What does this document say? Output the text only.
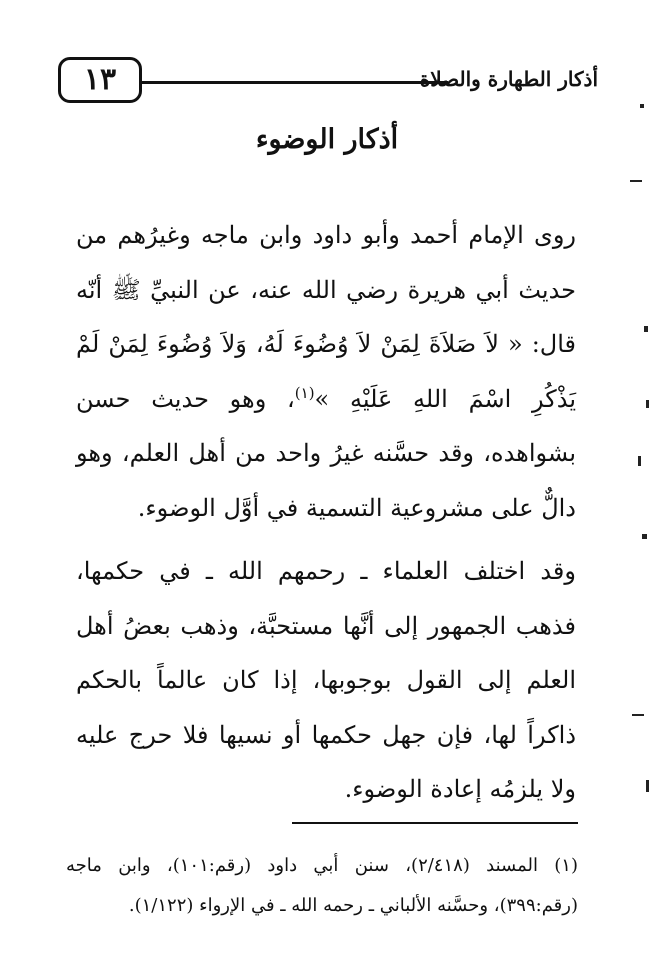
١٣	أذكار الطهارة والصلاة
أذكار الوضوء

روى الإمام أحمد وأبو داود وابن ماجه وغيرُهم من حديث أبي هريرة رضي الله عنه، عن النبيِّ ﷺ أنّه قال: « لاَ صَلاَةَ لِمَنْ لاَ وُضُوءَ لَهُ، وَلاَ وُضُوءَ لِمَنْ لَمْ يَذْكُرِ اسْمَ اللهِ عَلَيْهِ »$^{(١)}$، وهو حديث حسن بشواهده، وقد حسَّنه غيرُ واحد من أهل العلم، وهو دالٌّ على مشروعية التسمية في أوَّل الوضوء.

وقد اختلف العلماء ـ رحمهم الله ـ في حكمها، فذهب الجمهور إلى أنَّها مستحبَّة، وذهب بعضُ أهل العلم إلى القول بوجوبها، إذا كان عالماً بالحكم ذاكراً لها، فإن جهل حكمها أو نسيها فلا حرج عليه ولا يلزمُه إعادة الوضوء.

(١) المسند (٢/٤١٨)، سنن أبي داود (رقم:١٠١)، وابن ماجه (رقم:٣٩٩)، وحسَّنه الألباني ـ رحمه الله ـ في الإرواء (١/١٢٢).
